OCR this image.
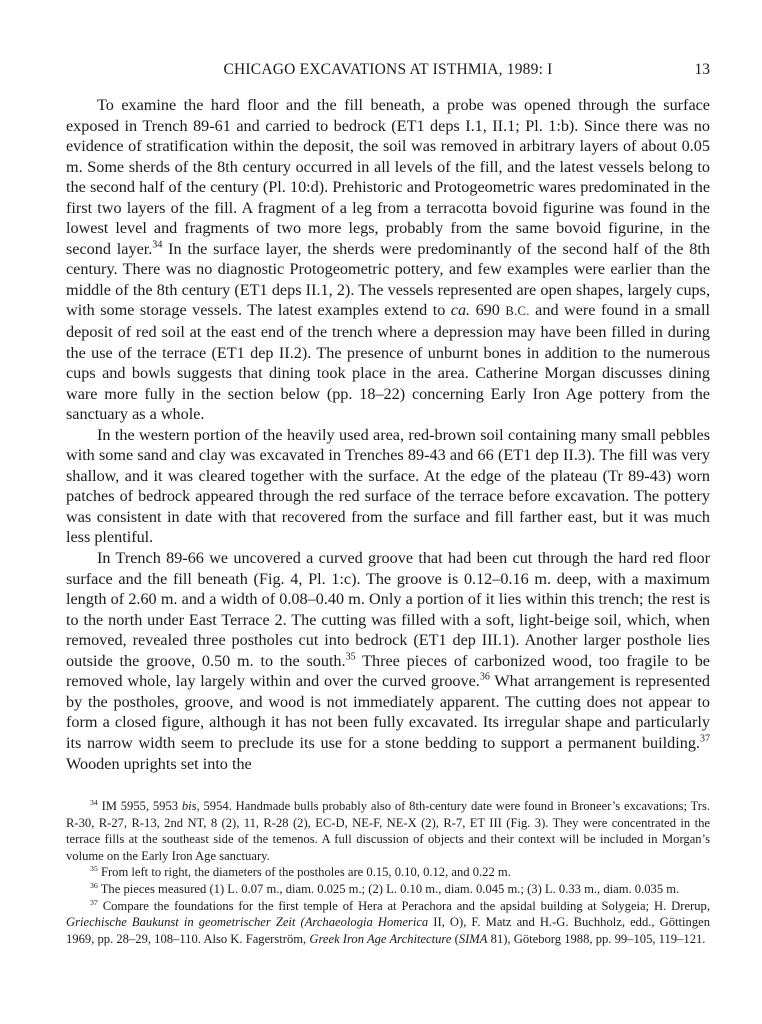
CHICAGO EXCAVATIONS AT ISTHMIA, 1989: I	13

To examine the hard floor and the fill beneath, a probe was opened through the surface exposed in Trench 89-61 and carried to bedrock (ET1 deps I.1, II.1; Pl. 1:b). Since there was no evidence of stratification within the deposit, the soil was removed in arbitrary layers of about 0.05 m. Some sherds of the 8th century occurred in all levels of the fill, and the latest vessels belong to the second half of the century (Pl. 10:d). Prehistoric and Protogeometric wares predominated in the first two layers of the fill. A fragment of a leg from a terracotta bovoid figurine was found in the lowest level and fragments of two more legs, probably from the same bovoid figurine, in the second layer.$^{34}$ In the surface layer, the sherds were predominantly of the second half of the 8th century. There was no diagnostic Protogeometric pottery, and few examples were earlier than the middle of the 8th century (ET1 deps II.1, 2). The vessels represented are open shapes, largely cups, with some storage vessels. The latest examples extend to ca. 690 B.C. and were found in a small deposit of red soil at the east end of the trench where a depression may have been filled in during the use of the terrace (ET1 dep II.2). The presence of unburnt bones in addition to the numerous cups and bowls suggests that dining took place in the area. Catherine Morgan discusses dining ware more fully in the section below (pp. 18–22) concerning Early Iron Age pottery from the sanctuary as a whole.

In the western portion of the heavily used area, red-brown soil containing many small pebbles with some sand and clay was excavated in Trenches 89-43 and 66 (ET1 dep II.3). The fill was very shallow, and it was cleared together with the surface. At the edge of the plateau (Tr 89-43) worn patches of bedrock appeared through the red surface of the terrace before excavation. The pottery was consistent in date with that recovered from the surface and fill farther east, but it was much less plentiful.

In Trench 89-66 we uncovered a curved groove that had been cut through the hard red floor surface and the fill beneath (Fig. 4, Pl. 1:c). The groove is 0.12–0.16 m. deep, with a maximum length of 2.60 m. and a width of 0.08–0.40 m. Only a portion of it lies within this trench; the rest is to the north under East Terrace 2. The cutting was filled with a soft, light-beige soil, which, when removed, revealed three postholes cut into bedrock (ET1 dep III.1). Another larger posthole lies outside the groove, 0.50 m. to the south.$^{35}$ Three pieces of carbonized wood, too fragile to be removed whole, lay largely within and over the curved groove.$^{36}$ What arrangement is represented by the postholes, groove, and wood is not immediately apparent. The cutting does not appear to form a closed figure, although it has not been fully excavated. Its irregular shape and particularly its narrow width seem to preclude its use for a stone bedding to support a permanent building.$^{37}$ Wooden uprights set into the

$^{34}$ IM 5955, 5953 bis, 5954. Handmade bulls probably also of 8th-century date were found in Broneer’s excavations; Trs. R-30, R-27, R-13, 2nd NT, 8 (2), 11, R-28 (2), EC-D, NE-F, NE-X (2), R-7, ET III (Fig. 3). They were concentrated in the terrace fills at the southeast side of the temenos. A full discussion of objects and their context will be included in Morgan’s volume on the Early Iron Age sanctuary.

$^{35}$ From left to right, the diameters of the postholes are 0.15, 0.10, 0.12, and 0.22 m.

$^{36}$ The pieces measured (1) L. 0.07 m., diam. 0.025 m.; (2) L. 0.10 m., diam. 0.045 m.; (3) L. 0.33 m., diam. 0.035 m.

$^{37}$ Compare the foundations for the first temple of Hera at Perachora and the apsidal building at Solygeia; H. Drerup, Griechische Baukunst in geometrischer Zeit (Archaeologia Homerica II, O), F. Matz and H.-G. Buchholz, edd., Göttingen 1969, pp. 28–29, 108–110. Also K. Fagerström, Greek Iron Age Architecture (SIMA 81), Göteborg 1988, pp. 99–105, 119–121.
